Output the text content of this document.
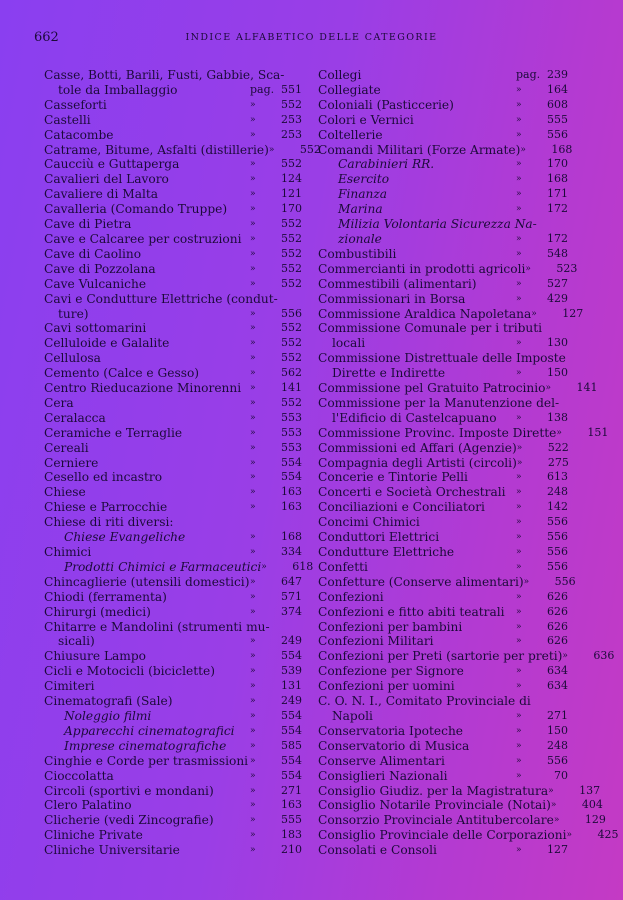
662	INDICE ALFABETICO DELLE CATEGORIE
Casse, Botti, Barili, Fusti, Gabbie, Sca-
tole da Imballaggio	pag. 551
Casseforti	» 552
Castelli	» 253
Catacombe	» 253
Catrame, Bitume, Asfalti (distillerie) » 552
Caucciù e Guttaperga	» 552
Cavalieri del Lavoro	» 124
Cavaliere di Malta	» 121
Cavalleria (Comando Truppe)	» 170
Cave di Pietra	» 552
Cave e Calcaree per costruzioni » 552
Cave di Caolino	» 552
Cave di Pozzolana	» 552
Cave Vulcaniche	» 552
Cavi e Condutture Elettriche (condut-
ture)	» 556
Cavi sottomarini	» 552
Celluloide e Galalite	» 552
Cellulosa	» 552
Cemento (Calce e Gesso)	» 562
Centro Rieducazione Minorenni » 141
Cera	» 552
Ceralacca	» 553
Ceramiche e Terraglie	» 553
Cereali	» 553
Cerniere	» 554
Cesello ed incastro	» 554
Chiese	» 163
Chiese e Parrocchie	» 163
Chiese di riti diversi:
Chiese Evangeliche	» 168
Chimici	» 334
Prodotti Chimici e Farmaceutici » 618
Chincaglierie (utensili domestici) » 647
Chiodi (ferramenta)	» 571
Chirurgi (medici)	» 374
Chitarre e Mandolini (strumenti mu-
sicali)	» 249
Chiusure Lampo	» 554
Cicli e Motocicli (biciclette)	» 539
Cimiteri	» 131
Cinematografi (Sale)	» 249
Noleggio filmi	» 554
Apparecchi cinematografici	» 554
Imprese cinematografiche	» 585
Cinghie e Corde per trasmissioni » 554
Cioccolatta	» 554
Circoli (sportivi e mondani)	» 271
Clero Palatino	» 163
Clicherie (vedi Zincografie)	» 555
Cliniche Private	» 183
Cliniche Universitarie	» 210
Collegi	pag. 239
Collegiate	» 164
Coloniali (Pasticcerie)	» 608
Colori e Vernici	» 555
Coltellerie	» 556
Comandi Militari (Forze Armate) » 168
Carabinieri RR.	» 170
Esercito	» 168
Finanza	» 171
Marina	» 172
Milizia Volontaria Sicurezza Na-
zionale	» 172
Combustibili	» 548
Commercianti in prodotti agricoli » 523
Commestibili (alimentari)	» 527
Commissionari in Borsa	» 429
Commissione Araldica Napoletana » 127
Commissione Comunale per i tributi
locali	» 130
Commissione Distrettuale delle Imposte
Dirette e Indirette	» 150
Commissione pel Gratuito Patrocinio » 141
Commissione per la Manutenzione del-
l'Edificio di Castelcapuano	» 138
Commissione Provinc. Imposte Dirette » 151
Commissioni ed Affari (Agenzie) » 522
Compagnia degli Artisti (circoli) » 275
Concerie e Tintorie Pelli	» 613
Concerti e Società Orchestrali	» 248
Conciliazioni e Conciliatori	» 142
Concimi Chimici	» 556
Conduttori Elettrici	» 556
Condutture Elettriche	» 556
Confetti	» 556
Confetture (Conserve alimentari) » 556
Confezioni	» 626
Confezioni e fitto abiti teatrali	» 626
Confezioni per bambini	» 626
Confezioni Militari	» 626
Confezioni per Preti (sartorie per preti) » 636
Confezione per Signore	» 634
Confezioni per uomini	» 634
C. O. N. I., Comitato Provinciale di
Napoli	» 271
Conservatoria Ipoteche	» 150
Conservatorio di Musica	» 248
Conserve Alimentari	» 556
Consiglieri Nazionali	»	70
Consiglio Giudiz. per la Magistratura » 137
Consiglio Notarile Provinciale (Notai) » 404
Consorzio Provinciale Antitubercolare » 129
Consiglio Provinciale delle Corporazioni » 425
Consolati e Consoli	» 127
